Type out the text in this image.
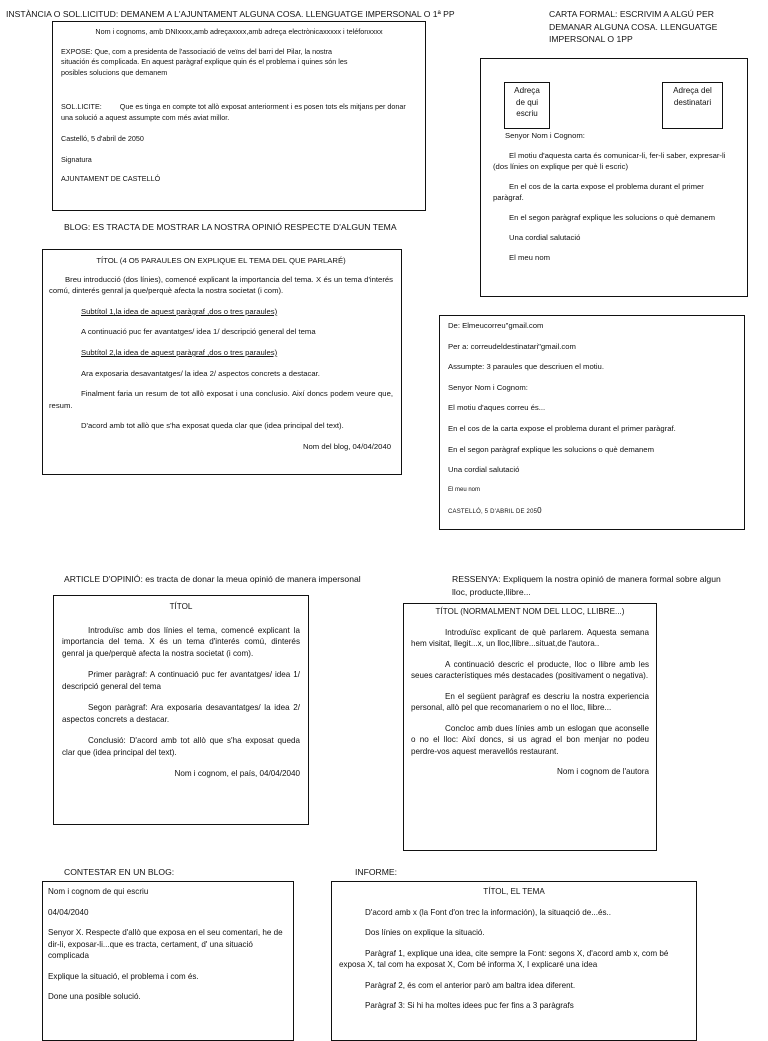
INSTÀNCIA O SOL.LICITUD: DEMANEM A L'AJUNTAMENT ALGUNA COSA. LLENGUATGE IMPERSONAL O 1ª PP

Nom i cognoms, amb DNIxxxx,amb adreçaxxxx,amb adreça electrònicaxxxxx i teléfonxxxx

EXPOSE: Que, com a presidenta de l'associació de veïns del barri del Pilar, la nostra situación és complicada. En aquest paràgraf explique quin és el problema i quines són les posibles solucions que demanem

SOL.LICITE: Que es tinga en compte tot allò exposat anteriorment i es posen tots els mitjans per donar una solució a aquest assumpte com més aviat millor.

Castelló, 5 d'abril de 2050

Signatura

AJUNTAMENT DE CASTELLÓ

CARTA FORMAL: ESCRIVIM A ALGÚ PER DEMANAR ALGUNA COSA. LLENGUATGE IMPERSONAL O 1PP
Adreça de qui escriu
Adreça del destinatari

Senyor Nom i Cognom:

El motiu d'aquesta carta és comunicar-li, fer-li saber, expresar-li (dos línies on explique per què li escric)

En el cos de la carta expose el problema durant el primer paràgraf.

En el segon paràgraf explique les solucions o què demanem

Una cordial salutació

El meu nom

BLOG: ES TRACTA DE MOSTRAR LA NOSTRA OPINIÓ RESPECTE D'ALGUN TEMA

TÍTOL (4 O5 PARAULES ON EXPLIQUE EL TEMA DEL QUE PARLARÉ)

Breu introducció (dos línies), comencé explicant la importancia del tema. X és un tema d'interés comú, dinterés genral ja que/perquè afecta la nostra societat (i com).

Subtítol 1,la idea de aquest paràgraf ,dos o tres paraules)

A continuació puc fer avantatges/ idea 1/ descripció general del tema

Subtítol 2,la idea de aquest paràgraf ,dos o tres paraules)

Ara exposaria desavantatges/ la idea 2/ aspectos concrets a destacar.

Finalment faria un resum de tot allò exposat i una conclusio. Així doncs podem veure que, resum.

D'acord amb tot allò que s'ha exposat queda clar que (idea principal del text).

Nom del blog, 04/04/2040

De: Elmeucorreu"gmail.com

Per a: correudeldestinatari"gmail.com

Assumpte: 3 paraules que descriuen el motiu.

Senyor Nom i Cognom:

El motiu d'aques correu és...

En el cos de la carta expose el problema durant el primer paràgraf.

En el segon paràgraf explique les solucions o què demanem

Una cordial salutació

El meu nom

CASTELLÓ, 5 D'ABRIL DE 2050

ARTICLE D'OPINIÓ: es tracta de donar la meua opinió de manera impersonal

TÍTOL

Introduïsc amb dos línies el tema, comencé explicant la importancia del tema. X és un tema d'interés comú, dinterés genral ja que/perquè afecta la nostra societat (i com).

Primer paràgraf: A continuació puc fer avantatges/ idea 1/ descripció general del tema

Segon paràgraf: Ara exposaria desavantatges/ la idea 2/ aspectos concrets a destacar.

Conclusió: D'acord amb tot allò que s'ha exposat queda clar que (idea principal del text).

Nom i cognom, el país, 04/04/2040

RESSENYA: Expliquem la nostra opinió de manera formal sobre algun lloc, producte,llibre...

TÍTOL (NORMALMENT NOM DEL LLOC, LLIBRE...)

Introduïsc explicant de què parlarem. Aquesta semana hem visitat, llegit...x, un lloc,llibre...situat,de l'autora..

A continuació descric el producte, lloc o llibre amb les seues característiques més destacades (positivament o negativa).

En el següent paràgraf es descriu la nostra experiencia personal, allò pel que recomanariem o no el lloc, llibre...

Concloc amb dues línies amb un eslogan que aconselle o no el lloc: Així doncs, si us agrad el bon menjar no podeu perdre-vos aquest meravellós restaurant.

Nom i cognom de l'autora

CONTESTAR EN UN BLOG:

Nom i cognom de qui escriu

04/04/2040

Senyor X. Respecte d'allò que exposa en el seu comentari, he de dir-li, exposar-li...que es tracta, certament, d' una situació complicada

Explique la situació, el problema i com és.

Done una posible solució.

INFORME:

TÍTOL, EL TEMA

D'acord amb x (la Font d'on trec la información), la situaqció de...és..

Dos línies on explique la situació.

Paràgraf 1, explique una idea, cite sempre la Font: segons X, d'acord amb x, com bé exposa X, tal com ha exposat X, Com bé informa X, I explicaré una idea

Paràgraf 2, és com el anterior parò am baltra idea diferent.

Paràgraf 3: Si hi ha moltes idees puc fer fins a 3 paràgrafs
